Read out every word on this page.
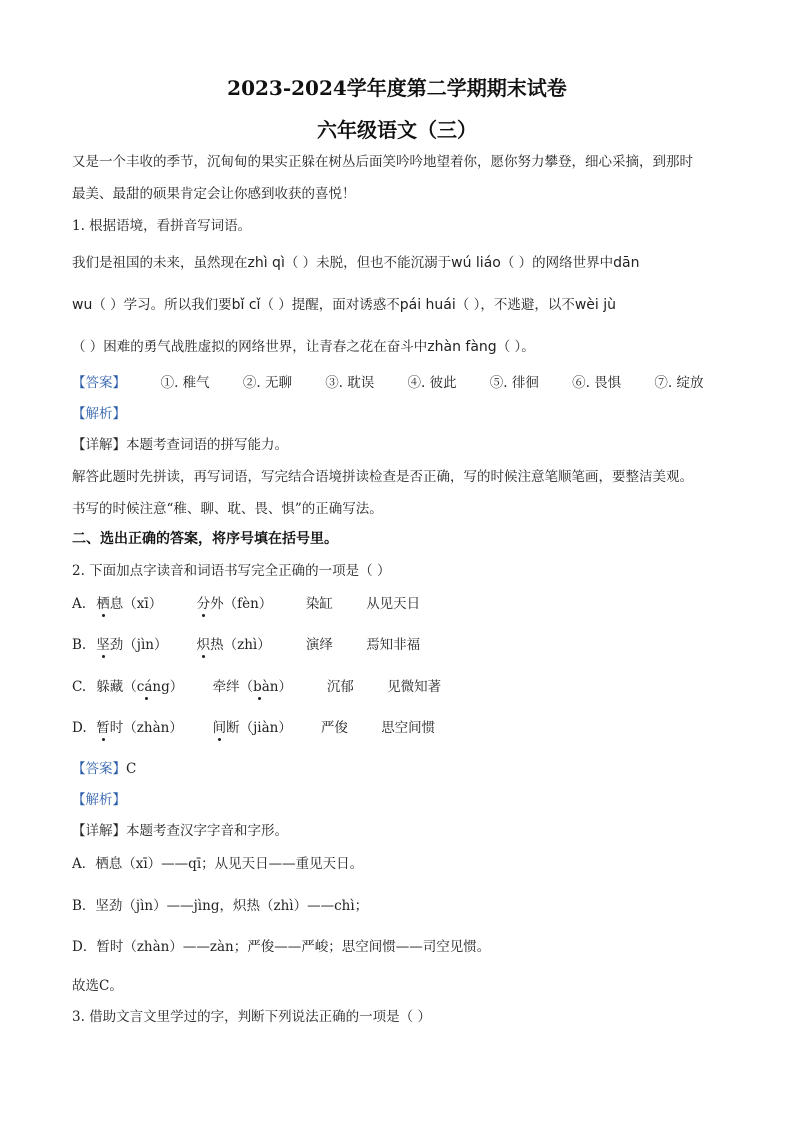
2023-2024学年度第二学期期末试卷
六年级语文（三）
又是一个丰收的季节，沉甸甸的果实正躲在树丛后面笑吟吟地望着你，愿你努力攀登，细心采摘，到那时
最美、最甜的硕果肯定会让你感到收获的喜悦！
1. 根据语境，看拼音写词语。
我们是祖国的未来，虽然现在zhì qì（ ）未脱，但也不能沉溺于wú liáo（ ）的网络世界中dān
wu（ ）学习。所以我们要bǐ cǐ（ ）提醒，面对诱惑不pái huái（ ），不逃避，以不wèi jù
（ ）困难的勇气战胜虚拟的网络世界，让青春之花在奋斗中zhàn fàng（ ）。
【答案】	①. 稚气 ②. 无聊 ③. 耽误 ④. 彼此 ⑤. 徘徊 ⑥. 畏惧 ⑦. 绽放
【解析】
【详解】本题考查词语的拼写能力。
解答此题时先拼读，再写词语，写完结合语境拼读检查是否正确，写的时候注意笔顺笔画，要整洁美观。
书写的时候注意“稚、聊、耽、畏、惧”的正确写法。
二、选出正确的答案，将序号填在括号里。
2. 下面加点字读音和词语书写完全正确的一项是（ ）
A. 栖息（xī）	分外（fèn） 染缸 从见天日
B. 坚劲（jìn） 炽热（zhì）	演绎 焉知非福
C. 躲藏（cáng） 牵绊（bàn）	沉郁 见微知著
D. 暂时（zhàn） 间断（jiàn） 严俊 思空间惯
【答案】C
【解析】
【详解】本题考查汉字字音和字形。
A．栖息（xī）——qī；从见天日——重见天日。
B．坚劲（jìn）——jìng，炽热（zhì）——chì；
D．暂时（zhàn）——zàn；严俊——严峻；思空间惯——司空见惯。
故选C。
3. 借助文言文里学过的字，判断下列说法正确的一项是（ ）
